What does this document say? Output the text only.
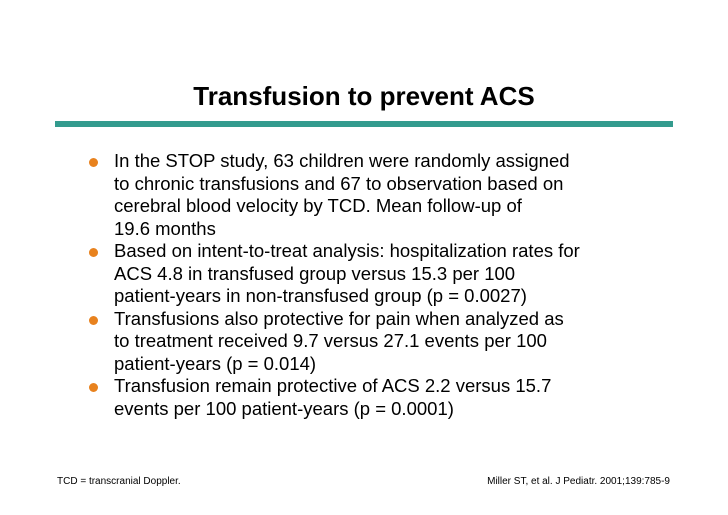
Transfusion to prevent ACS
In the STOP study, 63 children were randomly assigned
to chronic transfusions and 67 to observation based on
cerebral blood velocity by TCD. Mean follow-up of
19.6 months
Based on intent-to-treat analysis: hospitalization rates for
ACS 4.8 in transfused group versus 15.3 per 100
patient-years in non-transfused group (p = 0.0027)
Transfusions also protective for pain when analyzed as
to treatment received 9.7 versus 27.1 events per 100
patient-years (p = 0.014)
Transfusion remain protective of ACS 2.2 versus 15.7
events per 100 patient-years (p = 0.0001)
TCD = transcranial Doppler.	Miller ST, et al. J Pediatr. 2001;139:785-9
